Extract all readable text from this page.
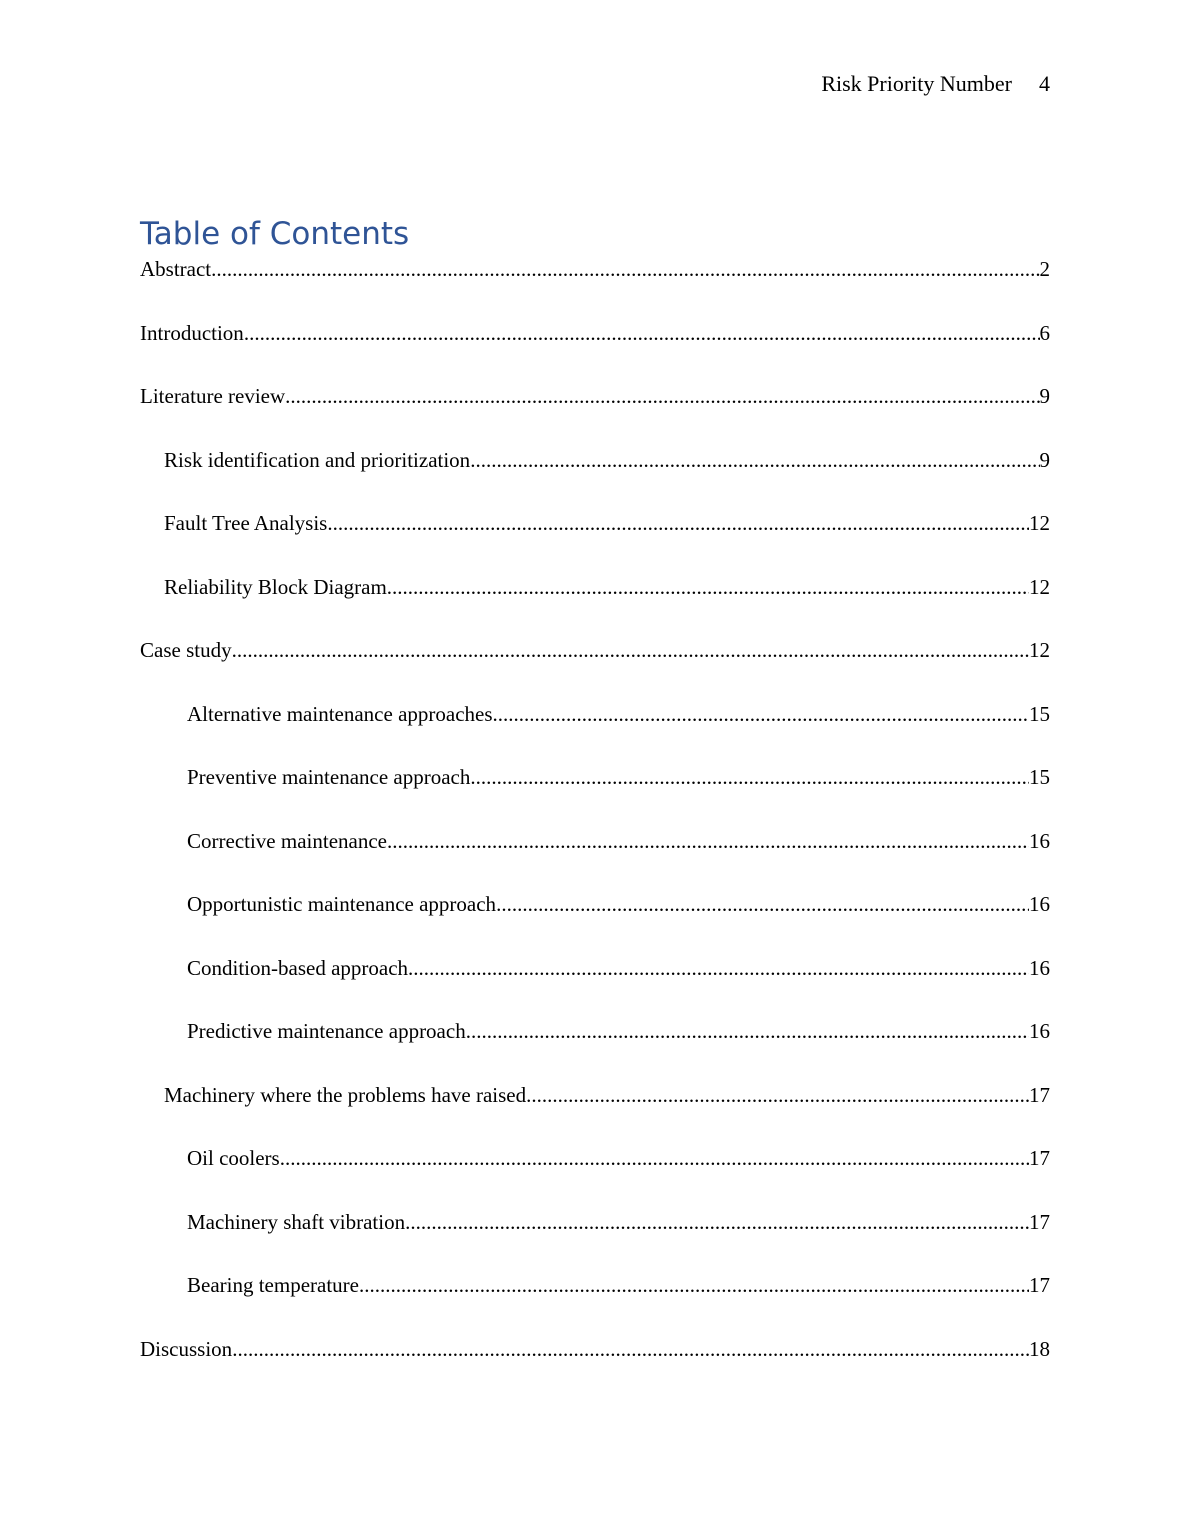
Risk Priority Number 4
Table of Contents
Abstract .....	2
Introduction .....	6
Literature review .....	9
Risk identification and prioritization .....	9
Fault Tree Analysis .....	12
Reliability Block Diagram .....	12
Case study .....	12
Alternative maintenance approaches .....	15
Preventive maintenance approach .....	15
Corrective maintenance .....	16
Opportunistic maintenance approach .....	16
Condition-based approach .....	16
Predictive maintenance approach .....	16
Machinery where the problems have raised .....	17
Oil coolers .....	17
Machinery shaft vibration .....	17
Bearing temperature .....	17
Discussion .....	18
